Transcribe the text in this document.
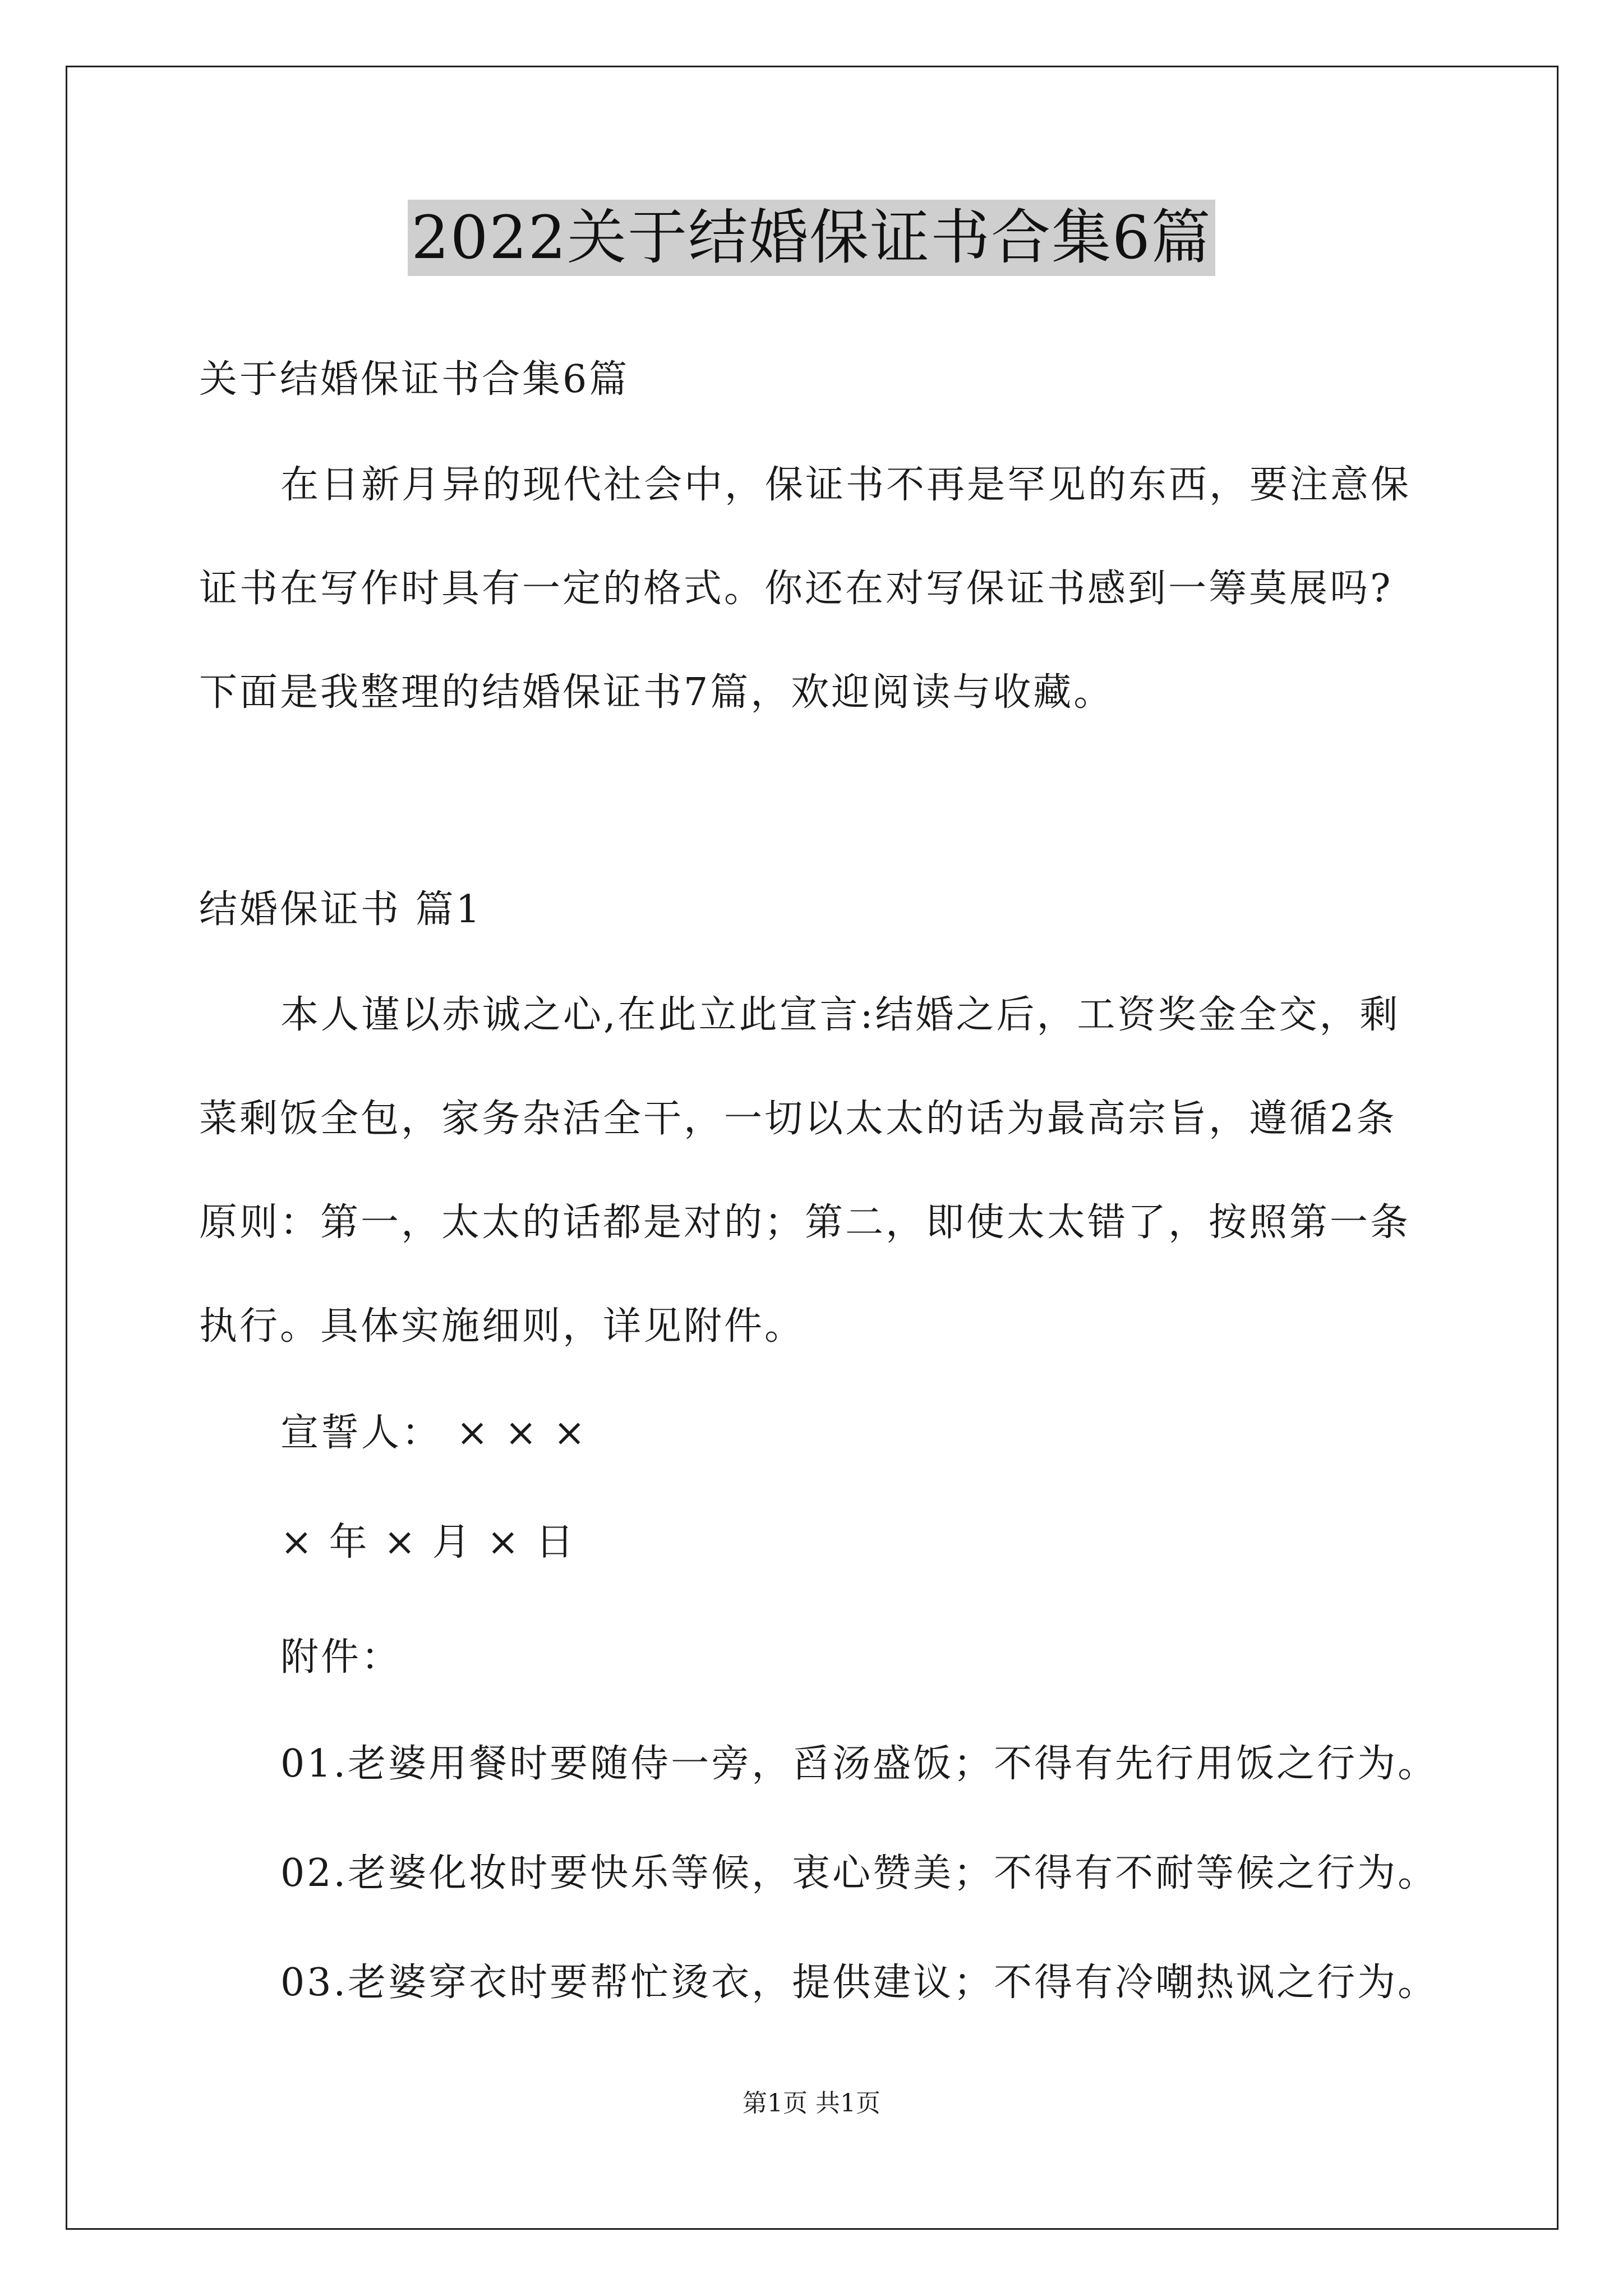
2022关于结婚保证书合集6篇
关于结婚保证书合集6篇
在日新月异的现代社会中，保证书不再是罕见的东西，要注意保
证书在写作时具有一定的格式。你还在对写保证书感到一筹莫展吗?
下面是我整理的结婚保证书7篇，欢迎阅读与收藏。
结婚保证书 篇1
本人谨以赤诚之心,在此立此宣言:结婚之后，工资奖金全交，剩
菜剩饭全包，家务杂活全干，一切以太太的话为最高宗旨，遵循2条
原则：第一，太太的话都是对的；第二，即使太太错了，按照第一条
执行。具体实施细则，详见附件。
宣誓人： × × ×
× 年 × 月 × 日
附件：
01.老婆用餐时要随侍一旁，舀汤盛饭；不得有先行用饭之行为。
02.老婆化妆时要快乐等候，衷心赞美；不得有不耐等候之行为。
03.老婆穿衣时要帮忙烫衣，提供建议；不得有冷嘲热讽之行为。
第1页 共1页
